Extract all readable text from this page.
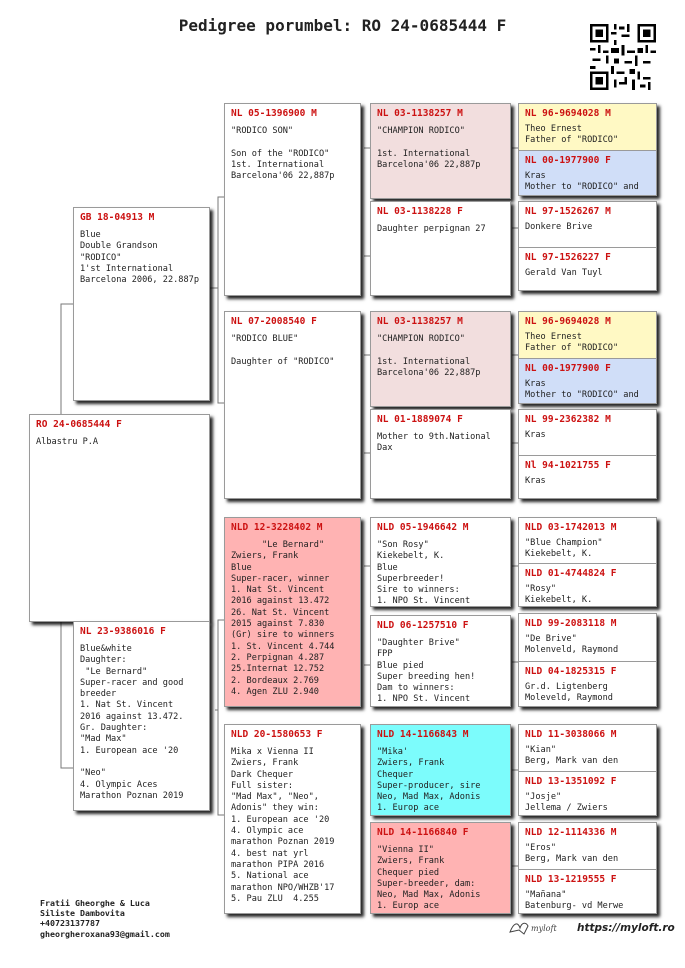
Pedigree porumbel: RO 24-0685444 F
RO 24-0685444 F
Albastru P.A
GB 18-04913 M
Blue
Double Grandson "RODICO"
1'st International
Barcelona 2006, 22.887p
NL 23-9386016 F
Blue&white
Daughter:
"Le Bernard"
Super-racer and good
breeder
1. Nat St. Vincent
2016 against 13.472.
Gr. Daughter:
"Mad Max"
1. European ace '20

"Neo"
4. Olympic Aces
Marathon Poznan 2019
NL 05-1396900 M
"RODICO SON"

Son of the "RODICO"
1st. International
Barcelona'06 22,887p
NL 07-2008540 F
"RODICO BLUE"

Daughter of "RODICO"
NLD 12-3228402 M
"Le Bernard"
Zwiers, Frank
Blue
Super-racer, winner
1. Nat St. Vincent
2016 against 13.472
26. Nat St. Vincent
2015 against 7.830
(Gr) sire to winners
1. St. Vincent 4.744
2. Perpignan 4.287
25.Internat 12.752
2. Bordeaux 2.769
4. Agen ZLU 2.940
NLD 20-1580653 F
Mika x Vienna II
Zwiers, Frank
Dark Chequer
Full sister:
"Mad Max", "Neo",
Adonis" they win:
1. European ace '20
4. Olympic ace
marathon Poznan 2019
4. best nat yrl
marathon PIPA 2016
5. National ace
marathon NPO/WHZB'17
5. Pau ZLU  4.255
NL 03-1138257 M
"CHAMPION RODICO"

1st. International
Barcelona'06 22,887p
NL 03-1138228 F
Daughter perpignan 27
NL 03-1138257 M
"CHAMPION RODICO"

1st. International
Barcelona'06 22,887p
NL 01-1889074 F
Mother to 9th.National
Dax
NLD 05-1946642 M
"Son Rosy"
Kiekebelt, K.
Blue
Superbreeder!
Sire to winners:
1. NPO St. Vincent
NLD 06-1257510 F
"Daughter Brive"
FPP
Blue pied
Super breeding hen!
Dam to winners:
1. NPO St. Vincent
NLD 14-1166843 M
"Mika'
Zwiers, Frank
Chequer
Super-producer, sire
Neo, Mad Max, Adonis
1. Europ ace
NLD 14-1166840 F
"Vienna II"
Zwiers, Frank
Chequer pied
Super-breeder, dam:
Neo, Mad Max, Adonis
1. Europ ace
NL 96-9694028 M
Theo Ernest
Father of "RODICO"
NL 00-1977900 F
Kras
Mother to "RODICO" and
NL 97-1526267 M
Donkere Brive
NL 97-1526227 F
Gerald Van Tuyl
NL 96-9694028 M
Theo Ernest
Father of "RODICO"
NL 00-1977900 F
Kras
Mother to "RODICO" and
NL 99-2362382 M
Kras
Nl 94-1021755 F
Kras
NLD 03-1742013 M
"Blue Champion"
Kiekebelt, K.
NLD 01-4744824 F
"Rosy"
Kiekebelt, K.
NLD 99-2083118 M
"De Brive"
Molenveld, Raymond
NLD 04-1825315 F
Gr.d. Ligtenberg
Moleveld, Raymond
NLD 11-3038066 M
"Kian"
Berg, Mark van den
NLD 13-1351092 F
"Josje"
Jellema / Zwiers
NLD 12-1114336 M
"Eros"
Berg, Mark van den
NLD 13-1219555 F
"Mañana"
Batenburg- vd Merwe
Fratii Gheorghe & Luca
Siliste Dambovita
+40723137787
gheorgheroxana93@gmail.com
myloft https://myloft.ro
